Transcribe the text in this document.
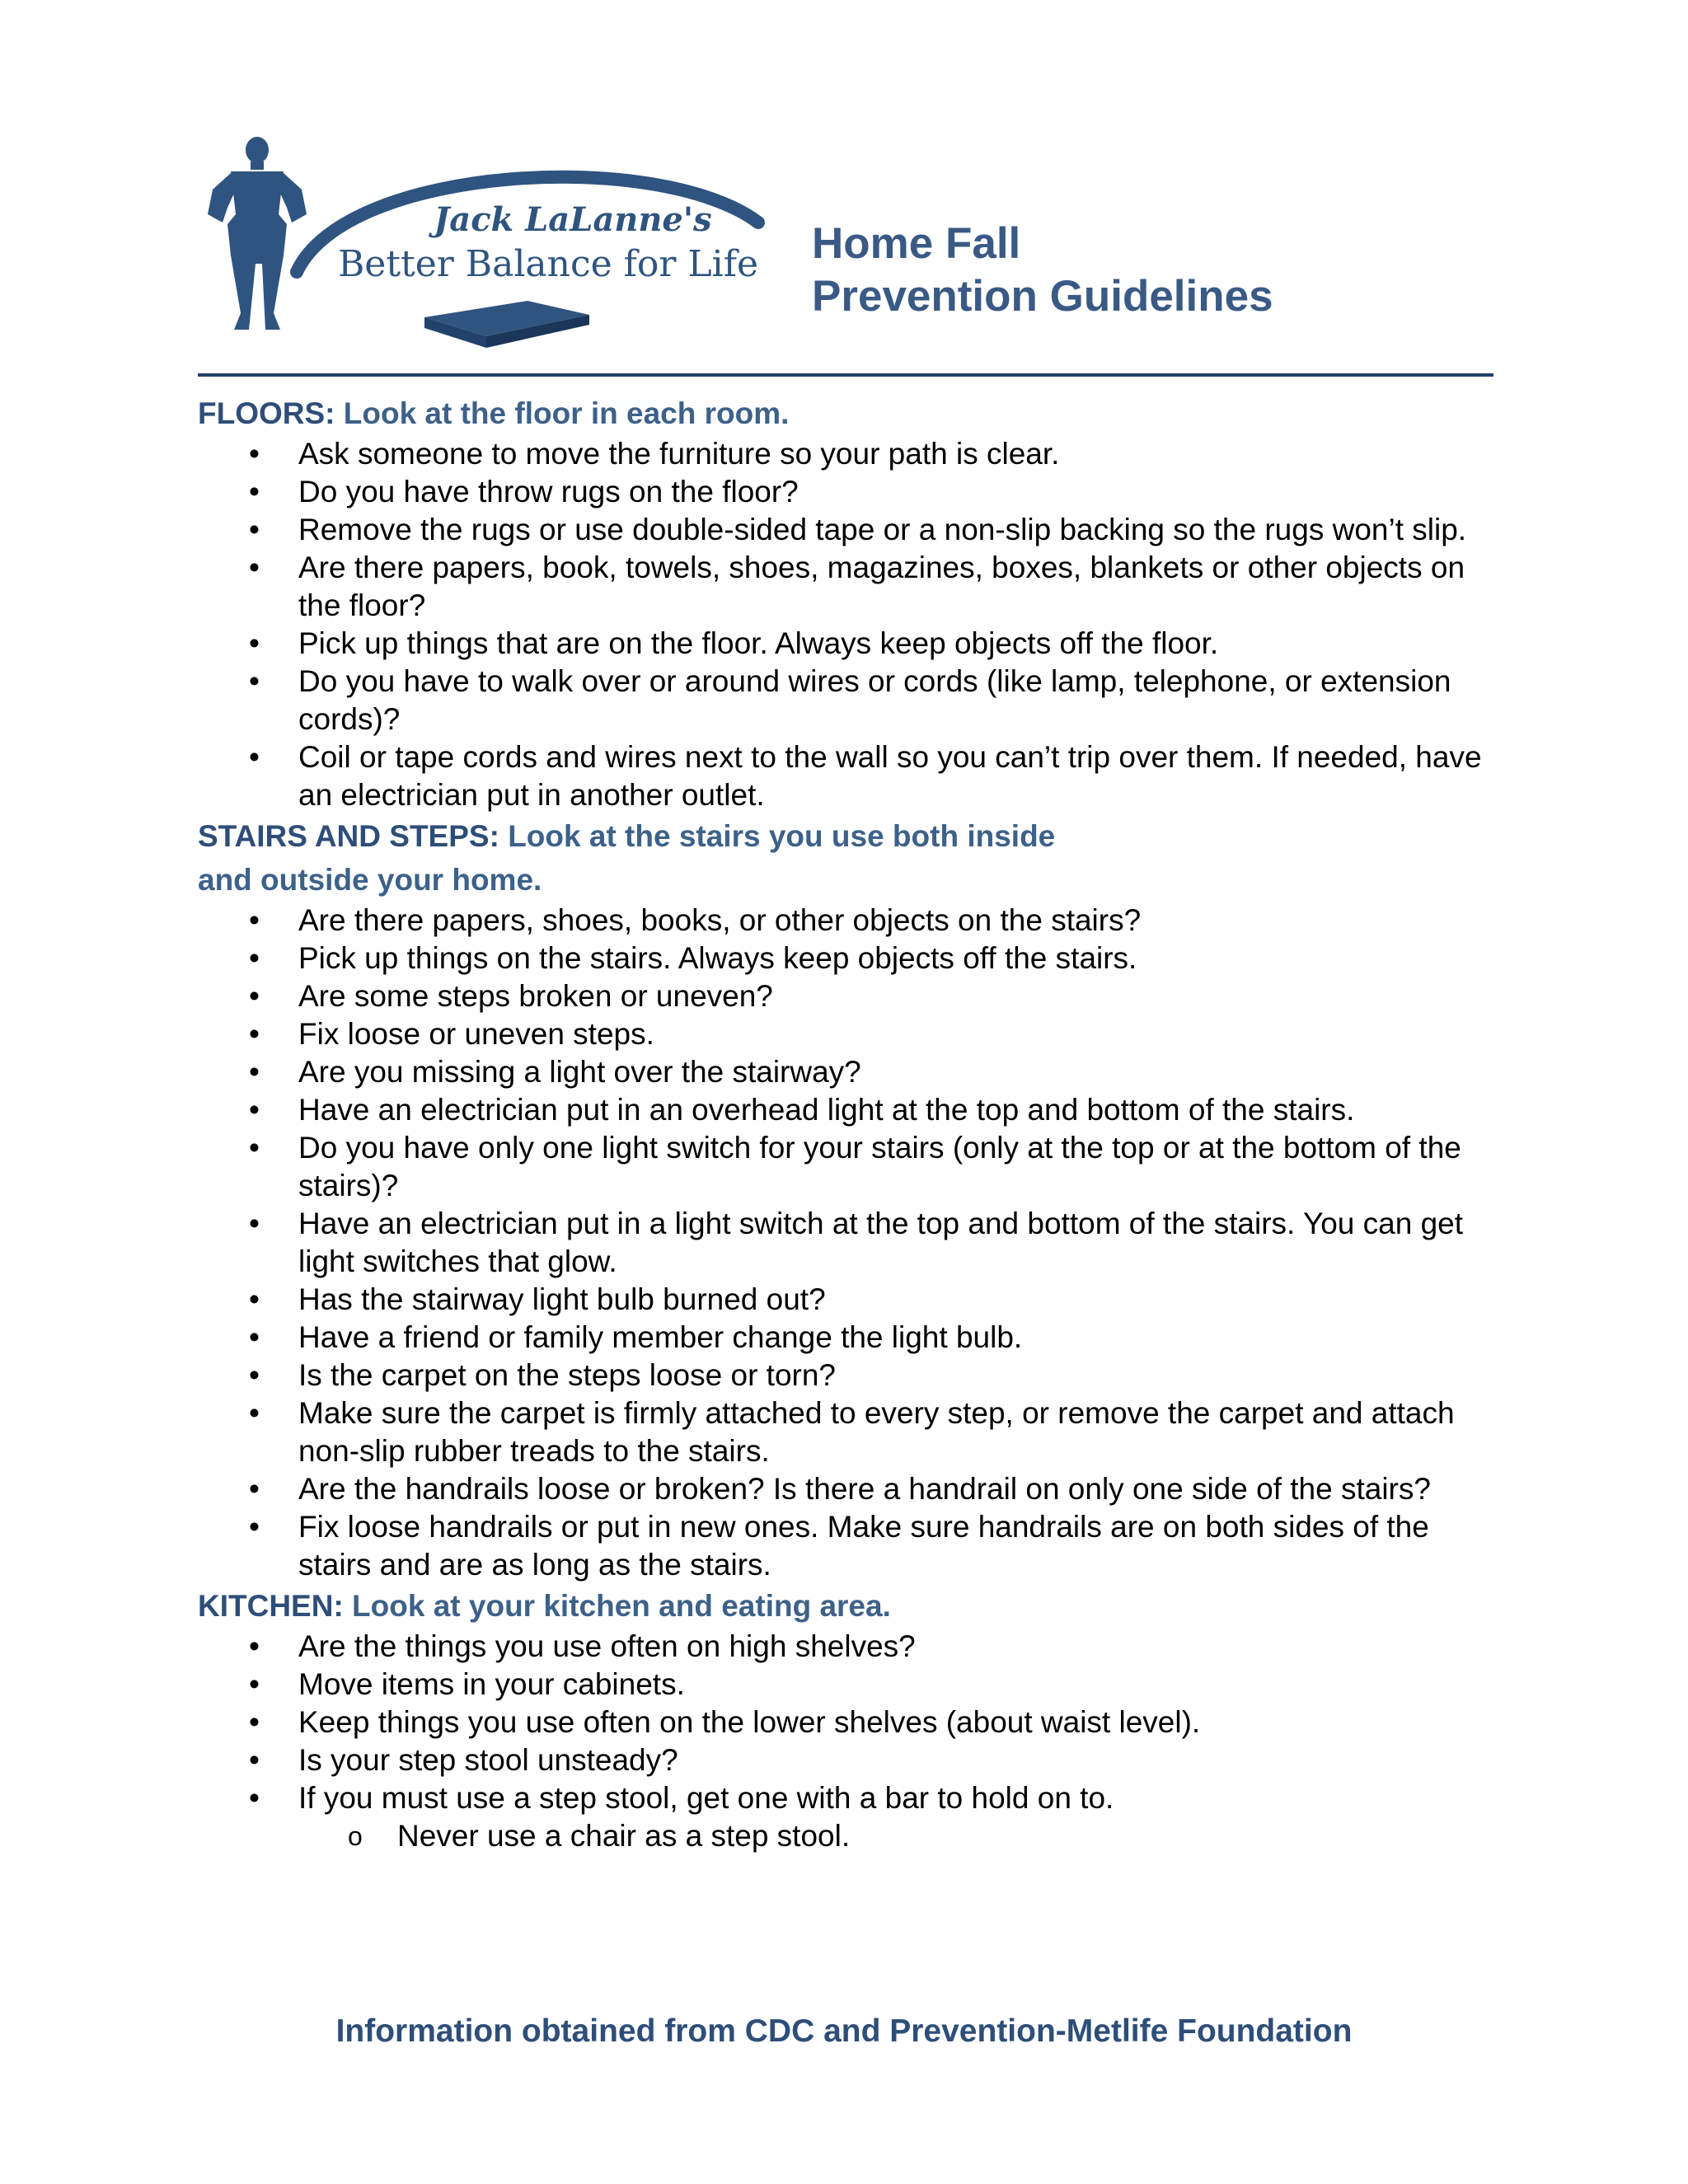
Jack LaLanne's
Better Balance for Life Home Fall
Prevention Guidelines
FLOORS: Look at the floor in each room.
• Ask someone to move the furniture so your path is clear.
• Do you have throw rugs on the floor?
• Remove the rugs or use double-sided tape or a non-slip backing so the rugs won’t slip.
• Are there papers, book, towels, shoes, magazines, boxes, blankets or other objects on the floor?
• Pick up things that are on the floor. Always keep objects off the floor.
• Do you have to walk over or around wires or cords (like lamp, telephone, or extension cords)?
• Coil or tape cords and wires next to the wall so you can’t trip over them. If needed, have an electrician put in another outlet.
STAIRS AND STEPS: Look at the stairs you use both inside
and outside your home.
• Are there papers, shoes, books, or other objects on the stairs?
• Pick up things on the stairs. Always keep objects off the stairs.
• Are some steps broken or uneven?
• Fix loose or uneven steps.
• Are you missing a light over the stairway?
• Have an electrician put in an overhead light at the top and bottom of the stairs.
• Do you have only one light switch for your stairs (only at the top or at the bottom of the stairs)?
• Have an electrician put in a light switch at the top and bottom of the stairs. You can get light switches that glow.
• Has the stairway light bulb burned out?
• Have a friend or family member change the light bulb.
• Is the carpet on the steps loose or torn?
• Make sure the carpet is firmly attached to every step, or remove the carpet and attach non-slip rubber treads to the stairs.
• Are the handrails loose or broken? Is there a handrail on only one side of the stairs?
• Fix loose handrails or put in new ones. Make sure handrails are on both sides of the stairs and are as long as the stairs.
KITCHEN: Look at your kitchen and eating area.
• Are the things you use often on high shelves?
• Move items in your cabinets.
• Keep things you use often on the lower shelves (about waist level).
• Is your step stool unsteady?
• If you must use a step stool, get one with a bar to hold on to.
o Never use a chair as a step stool.
Information obtained from CDC and Prevention-Metlife Foundation
